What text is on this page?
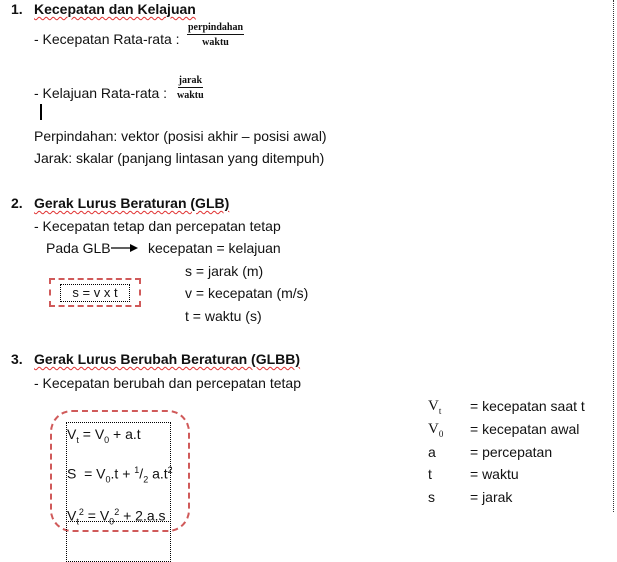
1. Kecepatan dan Kelajuan
- Kecepatan Rata-rata :
perpindahan
waktu
- Kelajuan Rata-rata :
jarak
waktu
Perpindahan: vektor (posisi akhir – posisi awal)
Jarak: skalar (panjang lintasan yang ditempuh)
2. Gerak Lurus Beraturan (GLB)
- Kecepatan tetap dan percepatan tetap
Pada GLB	kecepatan = kelajuan
s = v x t
s = jarak (m)
v = kecepatan (m/s)
t = waktu (s)
3. Gerak Lurus Berubah Beraturan (GLBB)
- Kecepatan berubah dan percepatan tetap
$V_t = V_0 + a.t$
$S = V_0.t + ^1/_2$ $a.t^2$
$V_t^2 = V_0^2 + 2.a.s$
$V_t$ = kecepatan saat t
$V_0$ = kecepatan awal
a = percepatan
t	= waktu
s	= jarak
